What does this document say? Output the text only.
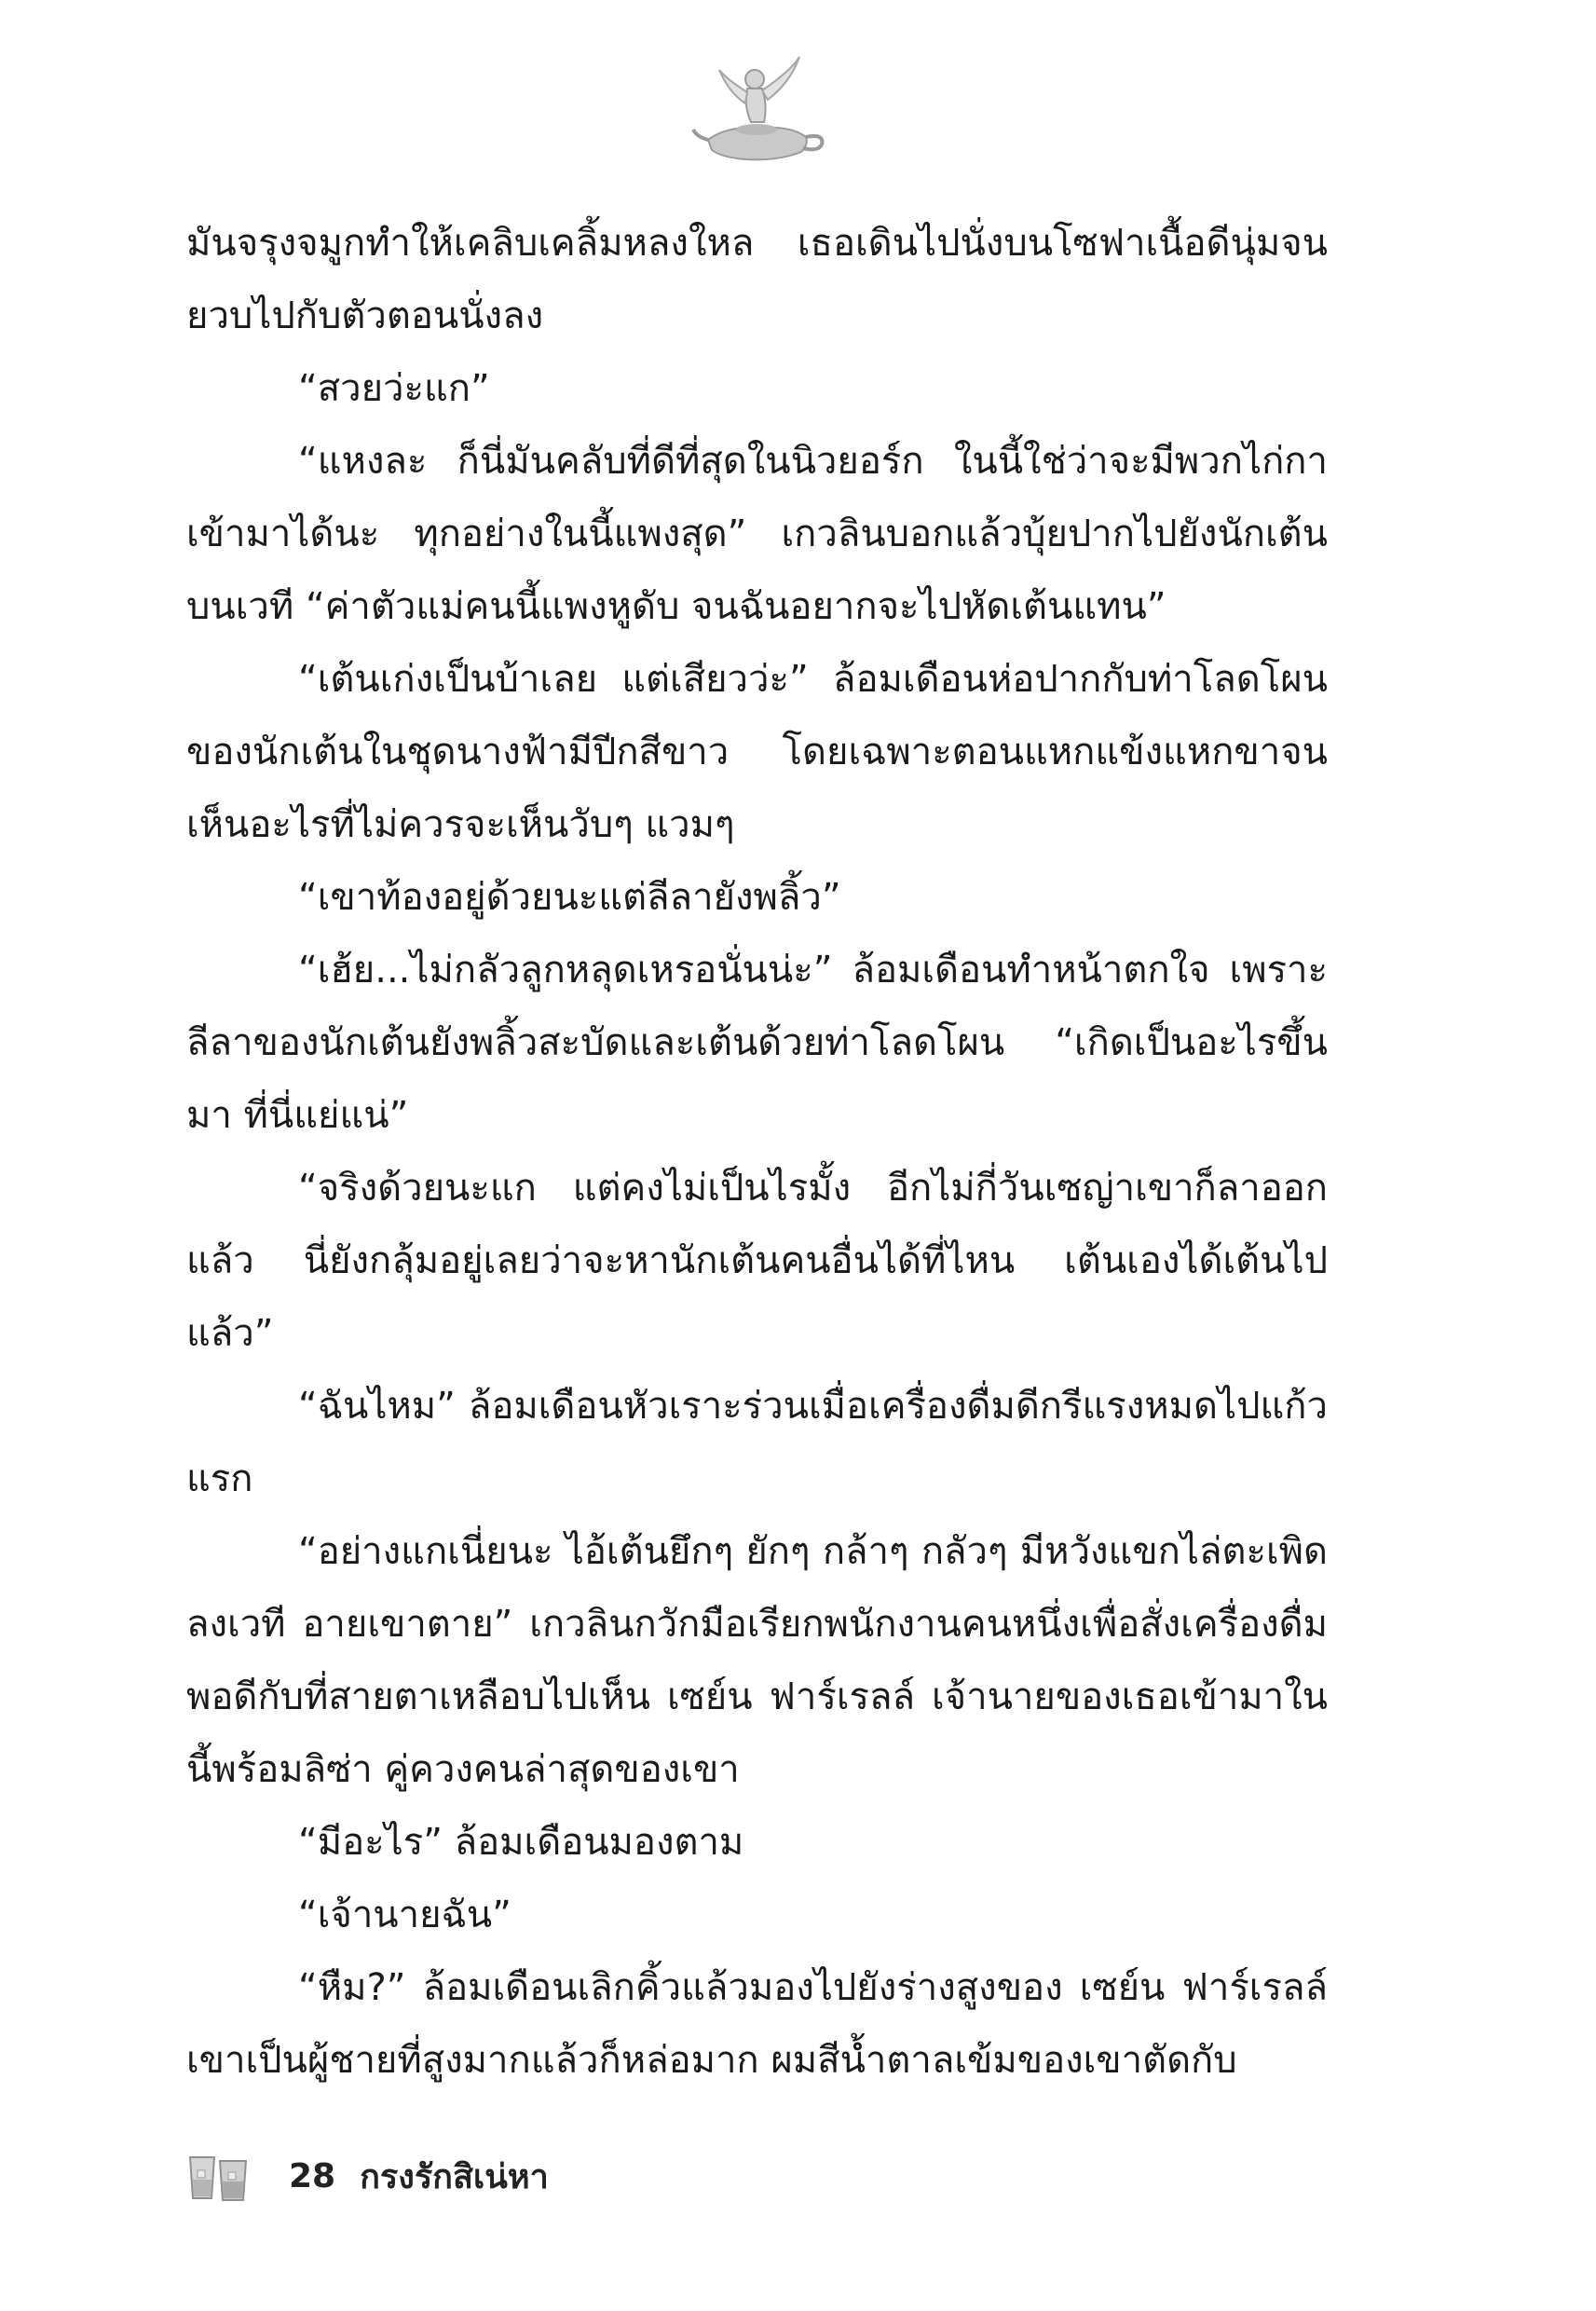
มันจรุงจมูกทำให้เคลิบเคลิ้มหลงใหล เธอเดินไปนั่งบนโซฟาเนื้อดีนุ่มจนยวบไปกับตัวตอนนั่งลง

“สวยว่ะแก”

“แหงละ ก็นี่มันคลับที่ดีที่สุดในนิวยอร์ก ในนี้ใช่ว่าจะมีพวกไก่กาเข้ามาได้นะ ทุกอย่างในนี้แพงสุด” เกวลินบอกแล้วบุ้ยปากไปยังนักเต้นบนเวที “ค่าตัวแม่คนนี้แพงหูดับ จนฉันอยากจะไปหัดเต้นแทน”

“เต้นเก่งเป็นบ้าเลย แต่เสียวว่ะ” ล้อมเดือนห่อปากกับท่าโลดโผนของนักเต้นในชุดนางฟ้ามีปีกสีขาว โดยเฉพาะตอนแหกแข้งแหกขาจนเห็นอะไรที่ไม่ควรจะเห็นวับๆ แวมๆ

“เขาท้องอยู่ด้วยนะแต่ลีลายังพลิ้ว”

“เฮ้ย...ไม่กลัวลูกหลุดเหรอนั่นน่ะ” ล้อมเดือนทำหน้าตกใจ เพราะลีลาของนักเต้นยังพลิ้วสะบัดและเต้นด้วยท่าโลดโผน “เกิดเป็นอะไรขึ้นมา ที่นี่แย่แน่”

“จริงด้วยนะแก แต่คงไม่เป็นไรมั้ง อีกไม่กี่วันเซญ่าเขาก็ลาออกแล้ว นี่ยังกลุ้มอยู่เลยว่าจะหานักเต้นคนอื่นได้ที่ไหน เต้นเองได้เต้นไปแล้ว”

“ฉันไหม” ล้อมเดือนหัวเราะร่วนเมื่อเครื่องดื่มดีกรีแรงหมดไปแก้วแรก

“อย่างแกเนี่ยนะ ไอ้เต้นยึกๆ ยักๆ กล้าๆ กลัวๆ มีหวังแขกไล่ตะเพิดลงเวที อายเขาตาย” เกวลินกวักมือเรียกพนักงานคนหนึ่งเพื่อสั่งเครื่องดื่ม พอดีกับที่สายตาเหลือบไปเห็น เซย์น ฟาร์เรลล์ เจ้านายของเธอเข้ามาในนี้พร้อมลิซ่า คู่ควงคนล่าสุดของเขา

“มีอะไร” ล้อมเดือนมองตาม

“เจ้านายฉัน”

“หืม?” ล้อมเดือนเลิกคิ้วแล้วมองไปยังร่างสูงของ เซย์น ฟาร์เรลล์ เขาเป็นผู้ชายที่สูงมากแล้วก็หล่อมาก ผมสีน้ำตาลเข้มของเขาตัดกับ

28 กรงรักสิเน่หา
